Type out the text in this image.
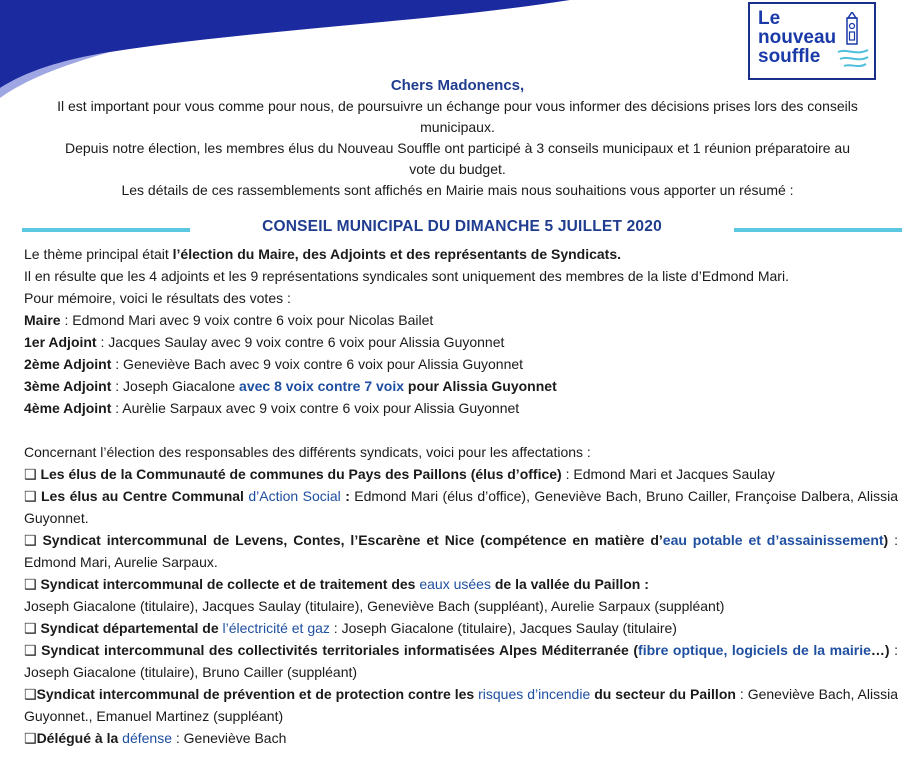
Le
nouveau
souffle
Chers Madonencs,

Il est important pour vous comme pour nous, de poursuivre un échange pour vous informer des décisions prises lors des conseils municipaux.

Depuis notre élection, les membres élus du Nouveau Souffle ont participé à 3 conseils municipaux et 1 réunion préparatoire au vote du budget.

Les détails de ces rassemblements sont affichés en Mairie mais nous souhaitions vous apporter un résumé :

CONSEIL MUNICIPAL DU DIMANCHE 5 JUILLET 2020

Le thème principal était l’élection du Maire, des Adjoints et des représentants de Syndicats.

Il en résulte que les 4 adjoints et les 9 représentations syndicales sont uniquement des membres de la liste d’Edmond Mari.

Pour mémoire, voici le résultats des votes :

Maire : Edmond Mari avec 9 voix contre 6 voix pour Nicolas Bailet

1er Adjoint : Jacques Saulay avec 9 voix contre 6 voix pour Alissia Guyonnet

2ème Adjoint : Geneviève Bach avec 9 voix contre 6 voix pour Alissia Guyonnet

3ème Adjoint : Joseph Giacalone avec 8 voix contre 7 voix pour Alissia Guyonnet

4ème Adjoint : Aurèlie Sarpaux avec 9 voix contre 6 voix pour Alissia Guyonnet

Concernant l’élection des responsables des différents syndicats, voici pour les affectations :

❑ Les élus de la Communauté de communes du Pays des Paillons (élus d’office) : Edmond Mari et Jacques Saulay

❑ Les élus au Centre Communal d’Action Social : Edmond Mari (élus d’office), Geneviève Bach, Bruno Cailler, Françoise Dalbera, Alissia Guyonnet.

❑ Syndicat intercommunal de Levens, Contes, l’Escarène et Nice (compétence en matière d’eau potable et d’assainissement) : Edmond Mari, Aurelie Sarpaux.

❑ Syndicat intercommunal de collecte et de traitement des eaux usées de la vallée du Paillon :

Joseph Giacalone (titulaire), Jacques Saulay (titulaire), Geneviève Bach (suppléant), Aurelie Sarpaux (suppléant)

❑ Syndicat départemental de l’électricité et gaz : Joseph Giacalone (titulaire), Jacques Saulay (titulaire)

❑ Syndicat intercommunal des collectivités territoriales informatisées Alpes Méditerranée (fibre optique, logiciels de la mairie…) : Joseph Giacalone (titulaire), Bruno Cailler (suppléant)

❑Syndicat intercommunal de prévention et de protection contre les risques d’incendie du secteur du Paillon : Geneviève Bach, Alissia Guyonnet., Emanuel Martinez (suppléant)

❑Délégué à la défense : Geneviève Bach
